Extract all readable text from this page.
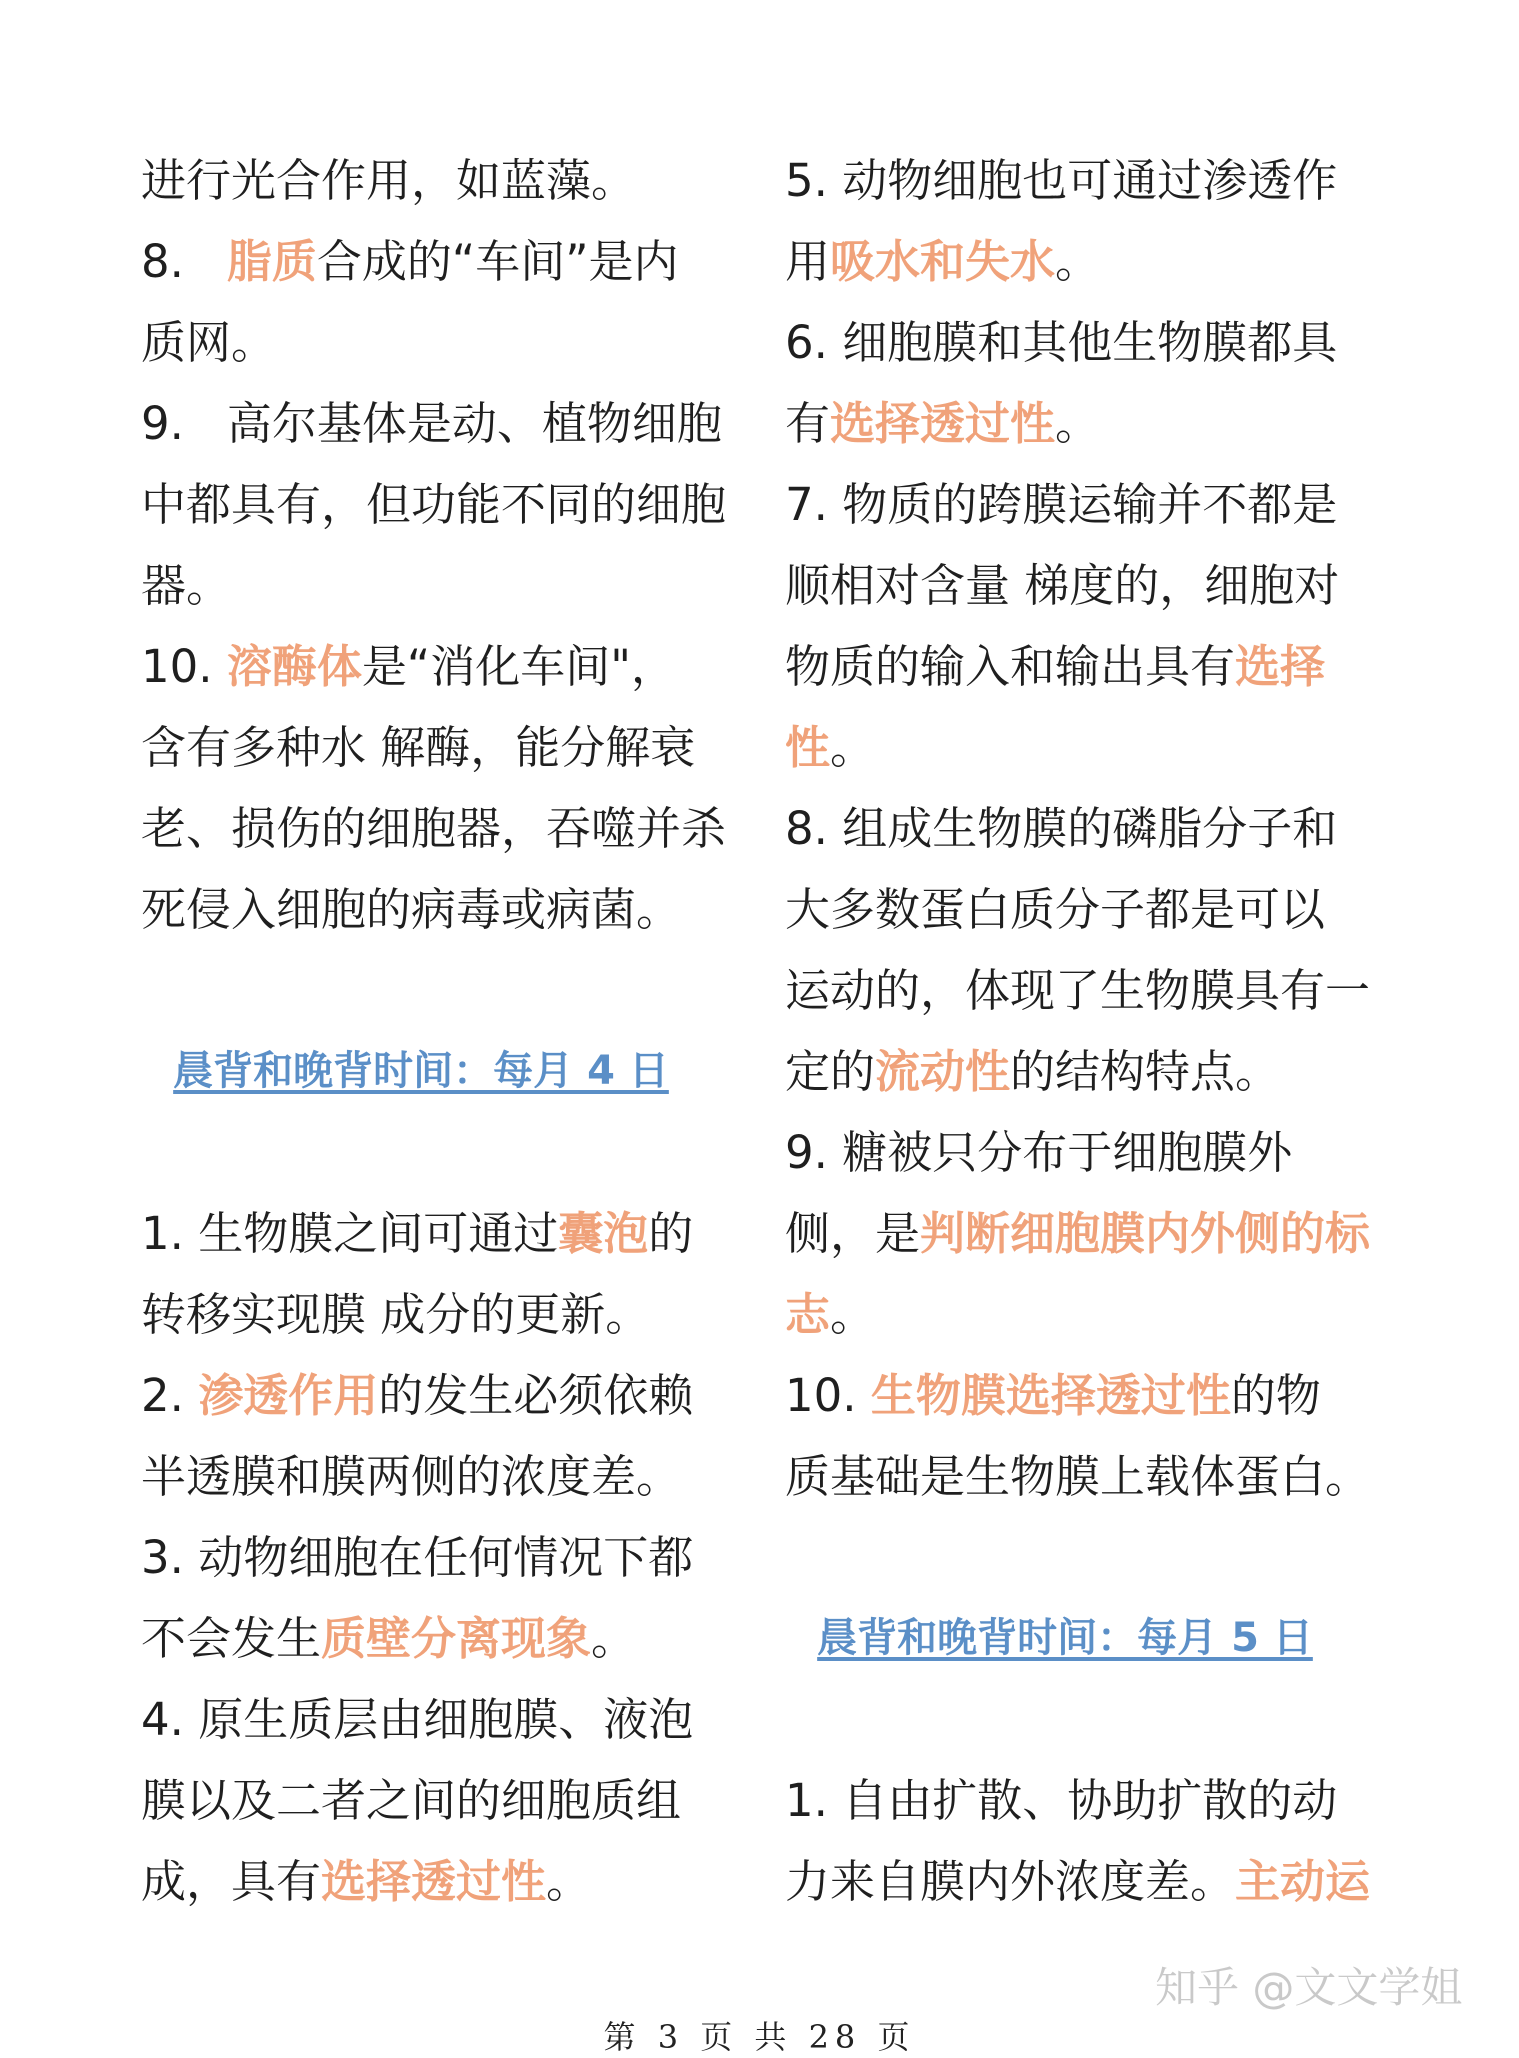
进行光合作用，如蓝藻。
8. 脂质合成的“车间”是内
质网。
9. 高尔基体是动、植物细胞
中都具有，但功能不同的细胞
器。
10. 溶酶体是“消化车间"，
含有多种水 解酶，能分解衰
老、损伤的细胞器，吞噬并杀
死侵入细胞的病毒或病菌。
晨背和晚背时间：每月 4 日
1. 生物膜之间可通过囊泡的
转移实现膜 成分的更新。
2. 渗透作用的发生必须依赖
半透膜和膜两侧的浓度差。
3. 动物细胞在任何情况下都
不会发生质壁分离现象。
4. 原生质层由细胞膜、液泡
膜以及二者之间的细胞质组
成，具有选择透过性。
5. 动物细胞也可通过渗透作
用吸水和失水。
6. 细胞膜和其他生物膜都具
有选择透过性。
7. 物质的跨膜运输并不都是
顺相对含量 梯度的，细胞对
物质的输入和输出具有选择
性。
8. 组成生物膜的磷脂分子和
大多数蛋白质分子都是可以
运动的，体现了生物膜具有一
定的流动性的结构特点。
9. 糖被只分布于细胞膜外
侧，是判断细胞膜内外侧的标
志。
10. 生物膜选择透过性的物
质基础是生物膜上载体蛋白。
晨背和晚背时间：每月 5 日
1. 自由扩散、协助扩散的动
力来自膜内外浓度差。主动运
知乎 @文文学姐
第 3 页 共 28 页
